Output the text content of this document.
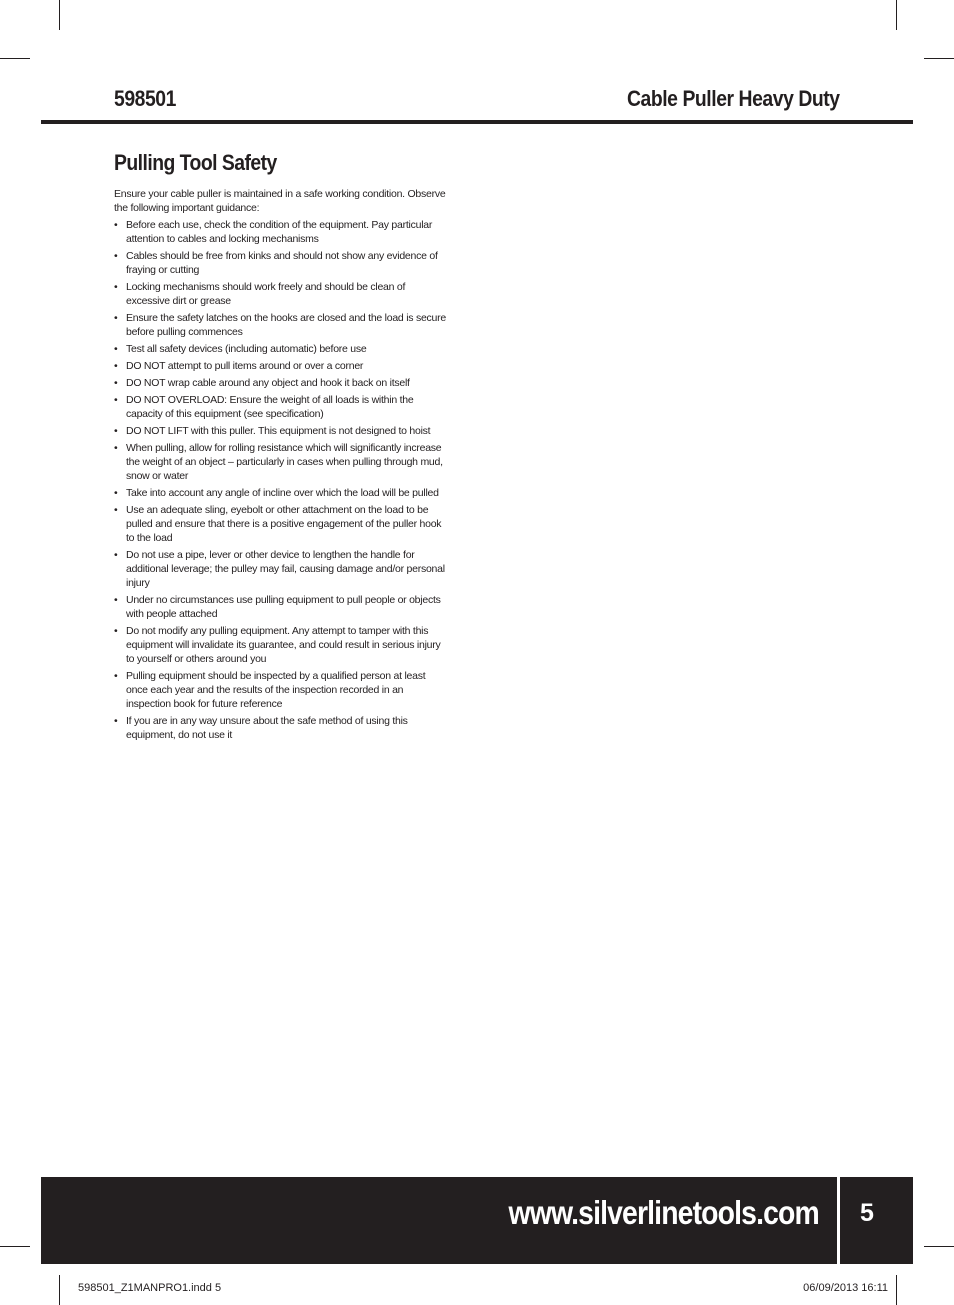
598501	Cable Puller Heavy Duty
Pulling Tool Safety

Ensure your cable puller is maintained in a safe working condition. Observe the following important guidance:

• Before each use, check the condition of the equipment. Pay particular attention to cables and locking mechanisms
• Cables should be free from kinks and should not show any evidence of fraying or cutting
• Locking mechanisms should work freely and should be clean of excessive dirt or grease
• Ensure the safety latches on the hooks are closed and the load is secure before pulling commences
• Test all safety devices (including automatic) before use
• DO NOT attempt to pull items around or over a corner
• DO NOT wrap cable around any object and hook it back on itself
• DO NOT OVERLOAD: Ensure the weight of all loads is within the capacity of this equipment (see specification)
• DO NOT LIFT with this puller. This equipment is not designed to hoist
• When pulling, allow for rolling resistance which will significantly increase the weight of an object – particularly in cases when pulling through mud, snow or water
• Take into account any angle of incline over which the load will be pulled
• Use an adequate sling, eyebolt or other attachment on the load to be pulled and ensure that there is a positive engagement of the puller hook to the load
• Do not use a pipe, lever or other device to lengthen the handle for additional leverage; the pulley may fail, causing damage and/or personal injury
• Under no circumstances use pulling equipment to pull people or objects with people attached
• Do not modify any pulling equipment. Any attempt to tamper with this equipment will invalidate its guarantee, and could result in serious injury to yourself or others around you
• Pulling equipment should be inspected by a qualified person at least once each year and the results of the inspection recorded in an inspection book for future reference
• If you are in any way unsure about the safe method of using this equipment, do not use it
www.silverlinetools.com	5
598501_Z1MANPRO1.indd 5	06/09/2013 16:11
